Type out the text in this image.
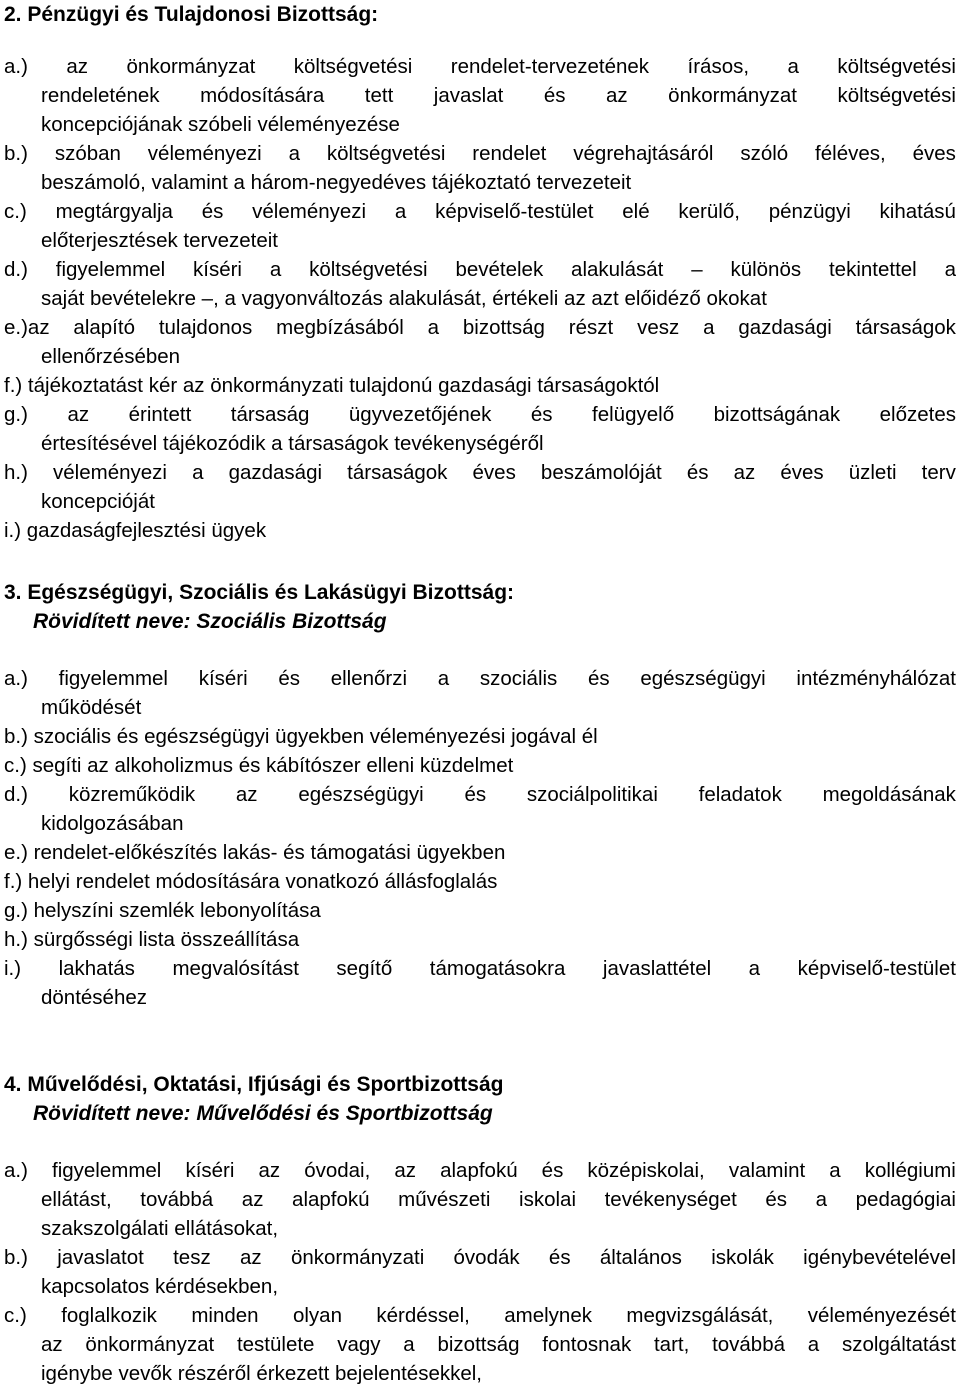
2. Pénzügyi és Tulajdonosi Bizottság:
a.) az önkormányzat költségvetési rendelet-tervezetének írásos, a költségvetési
rendeletének módosítására tett javaslat és az önkormányzat költségvetési
koncepciójának szóbeli véleményezése
b.) szóban véleményezi a költségvetési rendelet végrehajtásáról szóló féléves, éves
beszámoló, valamint a három-negyedéves tájékoztató tervezeteit
c.) megtárgyalja és véleményezi a képviselő-testület elé kerülő, pénzügyi kihatású
előterjesztések tervezeteit
d.) figyelemmel kíséri a költségvetési bevételek alakulását – különös tekintettel a
saját bevételekre –, a vagyonváltozás alakulását, értékeli az azt előidéző okokat
e.)az alapító tulajdonos megbízásából a bizottság részt vesz a gazdasági társaságok
ellenőrzésében
f.) tájékoztatást kér az önkormányzati tulajdonú gazdasági társaságoktól
g.) az érintett társaság ügyvezetőjének és felügyelő bizottságának előzetes
értesítésével tájékozódik a társaságok tevékenységéről
h.) véleményezi a gazdasági társaságok éves beszámolóját és az éves üzleti terv
koncepcióját
i.) gazdaságfejlesztési ügyek
3. Egészségügyi, Szociális és Lakásügyi Bizottság:
Rövidített neve: Szociális Bizottság
a.) figyelemmel kíséri és ellenőrzi a szociális és egészségügyi intézményhálózat
működését
b.) szociális és egészségügyi ügyekben véleményezési jogával él
c.) segíti az alkoholizmus és kábítószer elleni küzdelmet
d.) közreműködik az egészségügyi és szociálpolitikai feladatok megoldásának
kidolgozásában
e.) rendelet-előkészítés lakás- és támogatási ügyekben
f.) helyi rendelet módosítására vonatkozó állásfoglalás
g.) helyszíni szemlék lebonyolítása
h.) sürgősségi lista összeállítása
i.) lakhatás megvalósítást segítő támogatásokra javaslattétel a képviselő-testület
döntéséhez
4. Művelődési, Oktatási, Ifjúsági és Sportbizottság
Rövidített neve: Művelődési és Sportbizottság
a.) figyelemmel kíséri az óvodai, az alapfokú és középiskolai, valamint a kollégiumi
ellátást, továbbá az alapfokú művészeti iskolai tevékenységet és a pedagógiai
szakszolgálati ellátásokat,
b.) javaslatot tesz az önkormányzati óvodák és általános iskolák igénybevételével
kapcsolatos kérdésekben,
c.) foglalkozik minden olyan kérdéssel, amelynek megvizsgálását, véleményezését
az önkormányzat testülete vagy a bizottság fontosnak tart, továbbá a szolgáltatást
igénybe vevők részéről érkezett bejelentésekkel,
